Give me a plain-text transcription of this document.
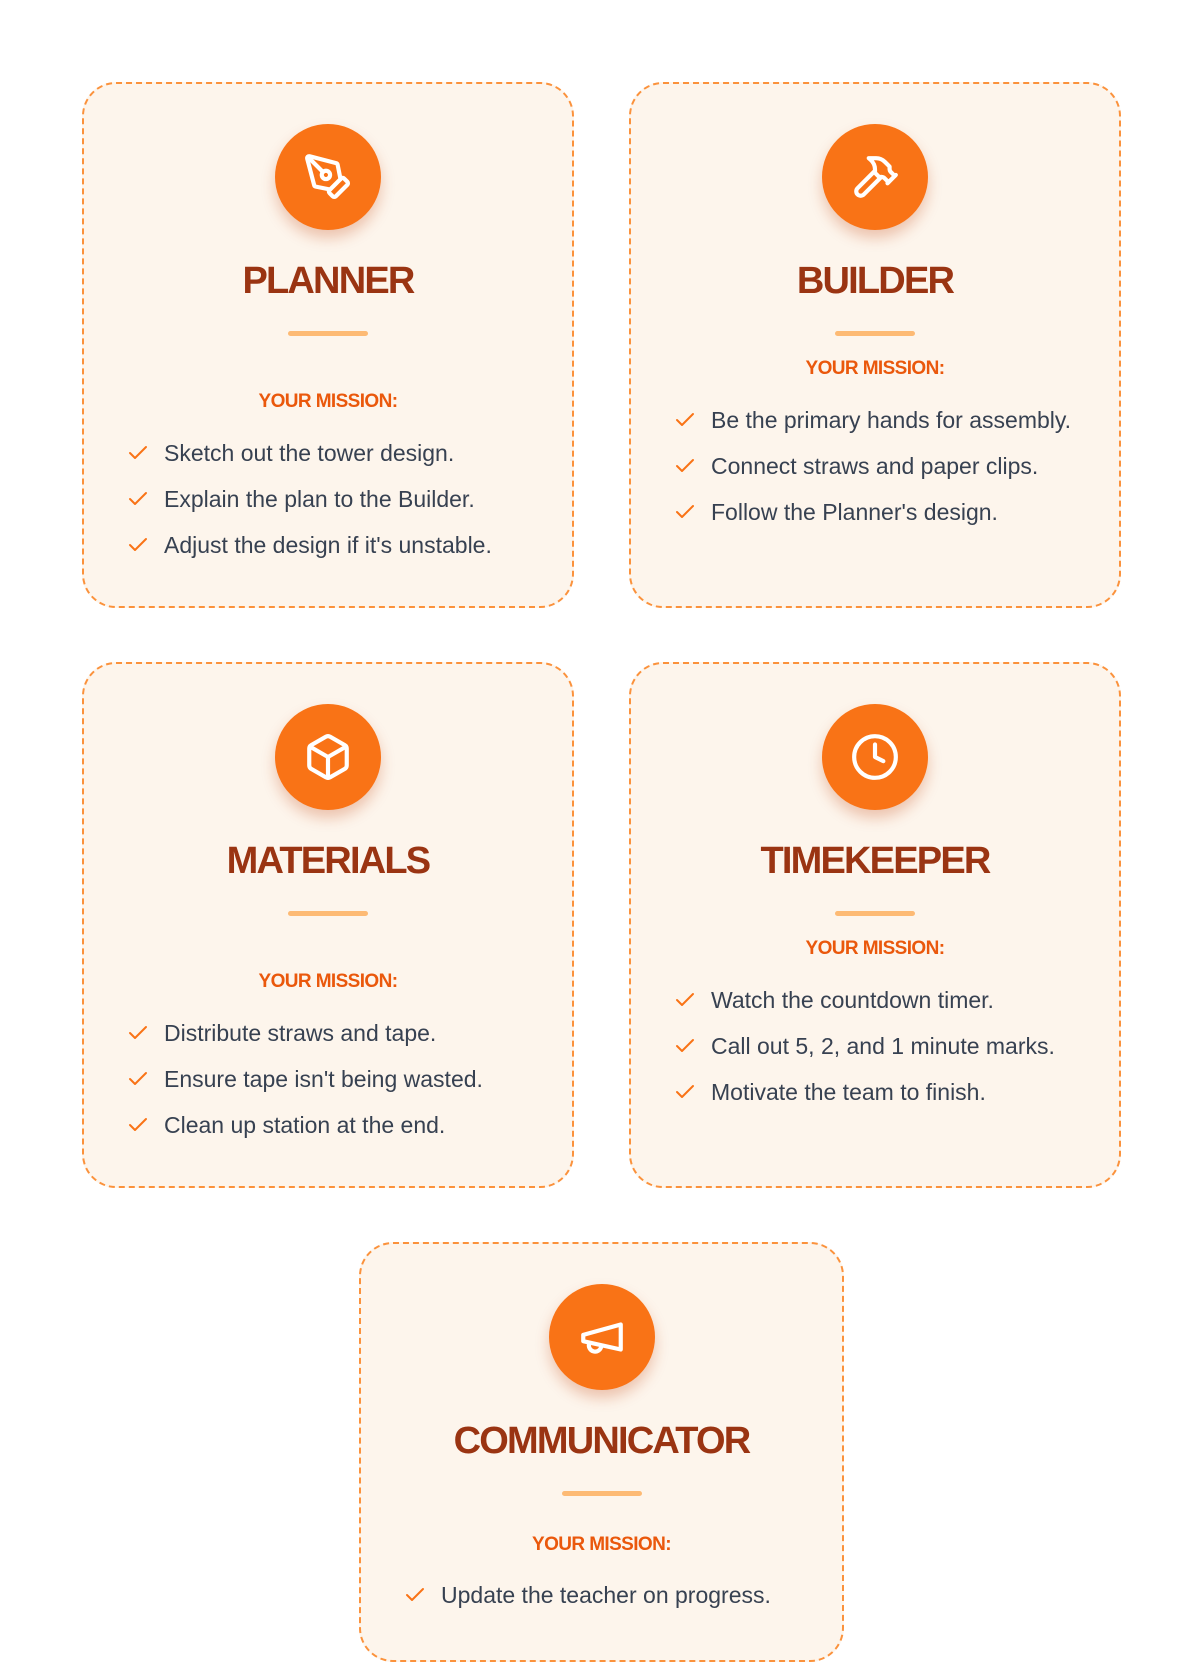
PLANNER
YOUR MISSION:
Sketch out the tower design.
Explain the plan to the Builder.
Adjust the design if it's unstable.
BUILDER
YOUR MISSION:
Be the primary hands for assembly.
Connect straws and paper clips.
Follow the Planner's design.
MATERIALS
YOUR MISSION:
Distribute straws and tape.
Ensure tape isn't being wasted.
Clean up station at the end.
TIMEKEEPER
YOUR MISSION:
Watch the countdown timer.
Call out 5, 2, and 1 minute marks.
Motivate the team to finish.
COMMUNICATOR
YOUR MISSION:
Update the teacher on progress.
